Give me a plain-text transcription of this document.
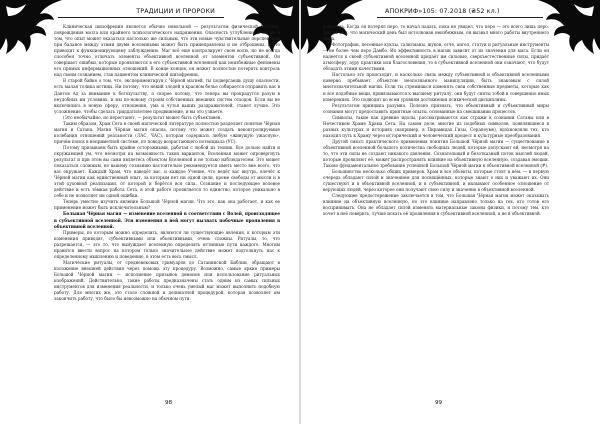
ТРАДИЦИИ И ПРОРОКИ

Клиническая шизофрения является обычно невольной — результатом физической болезни, повреждения мозга или крайнего психологического напряжения. Опасность углубления в магию в том, что опыт может оказаться настолько же сильным, что эти новые чувствительные перспективы при балансе между этими двумя вселенными может быть принеправлены и не отброшены, и это приводит к функционирующему заблуждению. Маг всё еще контролирует свою волю, но не всегда способен точно отличать элементы объективной вселенной от элементов субъективной. Он совершает ошибки, которые проявляются в его субъективной вселенной как неизбежные феномены его прямых информационных отношений. В конце концов, он может полностью потерять контроль над своим сознанием, став пациентом клинической шизофрении.

В старой байке о том, что, экспериментируя с Чёрной магией, ты подвергаешь душу опасности, есть малая толика истины. Ни потому, что некий злодей в красном белье собирается отправить вас в Дантов Ад за внимание к богохульству, а скорее потому, что теперь вы прокрадутся разум в неудобных им условиях, и мы по-новому строим собственных внешних систем отходов. Если вы не включились в новую сферу, отношения, ума и чутья ваших раздражителей, станет лучше. Это усложнение, чтобы сделать тридцатилетнее продвижение, и вы это узнаете.

(Это необычайно, но перестанет, — результат может быть субъективен.

Таким образом, Храм Сета в своей магической литературе полностью разделяет понятие Чёрная магия и Сатана. Магия Чёрная магия опасна, потому что может создать неконтролируемые колебания отношений реальности (ЛАС, ЧАС), которая содержать любую «живущую ужасную», причём поиск в неприметной системе, по поводу возрастающего потенциала (УС).

Потому призываем быть крайне осторожными, работая с любой из техник. Все дольно найти и окружающей ум, что несмотря на возможность таких вариантов, Вселенная может опровергнуть результат и при этом вы сами являетесь объектом Вселенной и не только наблюдателем. Это может показаться сложным, но вашему сознанию настоятельно рекомендуется иметь место вне всего, что вас окружает. Каждый Храм, что наведёт вас, и каждое Учение, что ведёт вас внутрь, влечёт к Чёрной магии как единственный опыт, за которым нет ни одной цели, кроме свободы от мысли и в этой духовной реализации, от которой и берётся вся сила. Сознание и последующее волевое действие и есть тёмная работа Сета, в этой работе проявляется то единство, которое уникально в себе и не позволяет ни одной ошибки.

Теперь уместно изучить явление Большой Чёрной магии. Что это, как она работает, и как ее применение может быть исключительным?

Большая Чёрная магия — изменение вселенной в соответствии с Волей, происходящее в субъективной вселенной. Эти изменения в ней могут вызвать побочные проявления в объективной вселенной.

Примеры, по которым можно определить, являются ли существующие явления, к которым эти изменения приводят, субъективными или объективными, очень сложны. Ритуалы, то, что разрешается, — это то, что вынуждает вселенную определять истинные пути каждого. Многим нравится ввести вопрос на котором только значительное действие может подтолкнуть нас к определенному мышлению и поведению, в этом есть весь смысл.

Магические ритуалы, от средневековых гримуаров до Сатанинской Библии, обращают в изложение внешней действия через помощь эту процедуру. Возможно, самые яркие примеры Большой Чёрной магии — исполнение призывов демонов или использование ритуальных изображений. Действительно, такие работы предназначены стать одним из самых сильных инструментов для изменения реальности, и только очень умелый маг может выполнить подобную работу. Для многих же, это стало сложной и деликатной процедурой, которая позволяет им закончить работу, что было бы невозможно на обычном пути.

98
АПОКРИФ»105: 07.2018 (₴52 кл.)

вакуумна. Когда он потерял перо, то начал падать, пока не увидел, что перо — это всего лишь перо. Дело в том, что магический день был истолкован неизбежным, он вызвал много работы внутреннего мира.

Фотографии, песенные куклы, талисманы, жуков, отче, ангел, статуи и ритуальные инструменты — не более чем перо Дамбо. Их эффективность в магии зависит от их значения для мага. Если он надеется к своей субъективной вселенной придаёт им сильные, сверхъестественные силы, придаёт атмосферу, ауру практики или благословения, то в субъективной вселенной они означают, что будут обладать этими качествами.

Настолько это происходит, и насколько связь между субъективной и объективной вселенными наверно пребывает объектом неопознанного манипуляции, быть знакомым с силой многозначительной магии. Если ты стремишься изменять свои собственные предметы, которые как и все подобные вещи, привязываются к высшему ритуалу, они будут сняты тобой в совершенно иных измерениях. Это подводит ко всем уровням достижения психической дисциплины.

Результатом принципа разумно. Полезно признать, что объективный и субъективный миры сознания могут предоставить приятные опыты, основанные на смешивании процессов.

Символы, такие как древние идолы, рассматриваются как стражи в сознании Сатаны или в Нечестивом Храме Храма Сета. На самом деле, многие из подобных символов, появлявшиеся в разных культурах и историях (например, в Пирамидах Гизы, Серапеуме), вдохновляли тех, кто находил путь к Храму через исторический и человеческий процесс и культурные преобразования.

Другой смысл практического применения понятия Большой Чёрной магии — существование в объективной вселенной большого количества свободных людей, которые допускают ей, несмотря на то, что эти силы не создают никакого давления. Сознательный и безотказный поток мыслей людей, которые проявляют её, может распространять влияние на объективную вселенную, создавая эмоции. Таково фундаментальное требование успешной Большой Чёрной магии к объективной вселенной (#).

Большинство несколько общих примеров. Храм и все объекты, которые стоят в нём, — в первую очередь обладают силой и значением для посвящённых, которые знают о них и уважают их. Они существуют и в объективной вселенной, и в субъективной, и вызывают особенное отношение от верующих людей, через которое они получают свою силу и значение в объективной вселенной.

Следующее предостережение заключается в том, что Большая Чёрная магия может оказывать влияние на объективную вселенную, но это влияние направлено только на тех, кто готов его воспринимать. Она не обладает силой изменять материальные законы физики, и потому тем, кто хочет в неё поверить, лучше искать её проявления в субъективной вселенной, а не в объективной.

99
